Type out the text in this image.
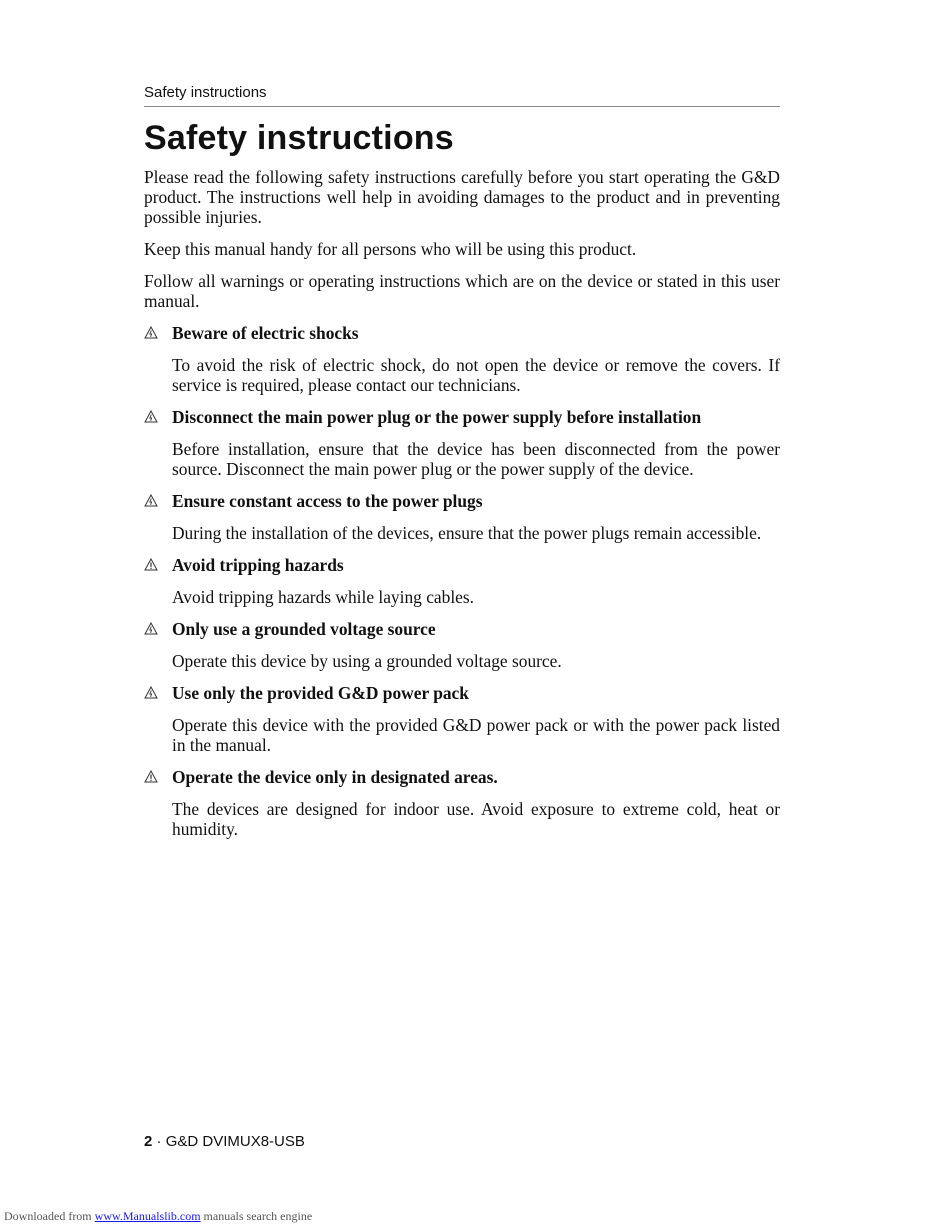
Safety instructions
Safety instructions

Please read the following safety instructions carefully before you start operating the G&D product. The instructions well help in avoiding damages to the product and in preventing possible injuries.

Keep this manual handy for all persons who will be using this product.

Follow all warnings or operating instructions which are on the device or stated in this user manual.

Beware of electric shocks

To avoid the risk of electric shock, do not open the device or remove the covers. If service is required, please contact our technicians.

Disconnect the main power plug or the power supply before installation

Before installation, ensure that the device has been disconnected from the power source. Disconnect the main power plug or the power supply of the device.

Ensure constant access to the power plugs

During the installation of the devices, ensure that the power plugs remain accessible.

Avoid tripping hazards

Avoid tripping hazards while laying cables.

Only use a grounded voltage source

Operate this device by using a grounded voltage source.

Use only the provided G&D power pack

Operate this device with the provided G&D power pack or with the power pack listed in the manual.

Operate the device only in designated areas.

The devices are designed for indoor use. Avoid exposure to extreme cold, heat or humidity.

2 · G&D DVIMUX8-USB
Downloaded from www.Manualslib.com manuals search engine
